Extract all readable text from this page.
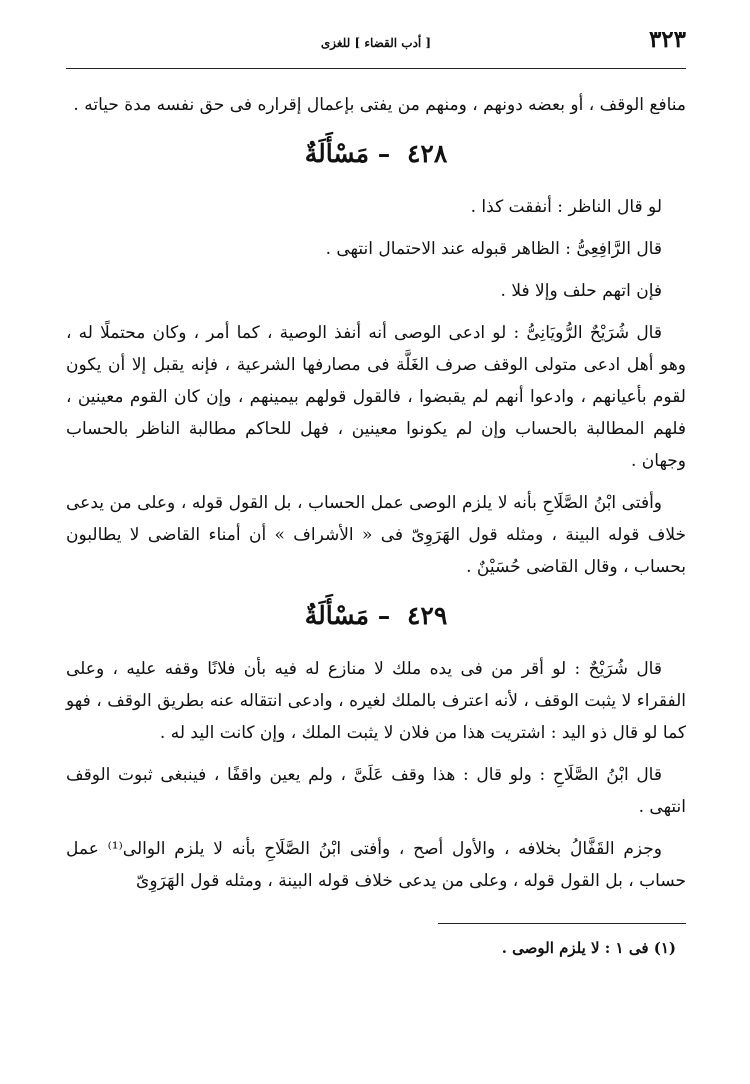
٣٢٣
[ أدب القضاء ] للغزى

منافع الوقف ، أو بعضه دونهم ، ومنهم من يفتى بإعمال إقراره فى حق نفسه مدة حياته .

٤٢٨ – مَسْأَلَةٌ

لو قال الناظر : أنفقت كذا .

قال الرَّافِعِىُّ : الظاهر قبوله عند الاحتمال انتهى .

فإن اتهم حلف وإلا فلا .

قال شُرَيْحٌ الرُّويَانِىُّ : لو ادعى الوصى أنه أنفذ الوصية ، كما أمر ، وكان محتملًا له ، وهو أهل ادعى متولى الوقف صرف الغَلَّة فى مصارفها الشرعية ، فإنه يقبل إلا أن يكون لقوم بأعيانهم ، وادعوا أنهم لم يقبضوا ، فالقول قولهم بيمينهم ، وإن كان القوم معينين ، فلهم المطالبة بالحساب وإن لم يكونوا معينين ، فهل للحاكم مطالبة الناظر بالحساب وجهان .

وأفتى ابْنُ الصَّلَاحِ بأنه لا يلزم الوصى عمل الحساب ، بل القول قوله ، وعلى من يدعى خلاف قوله البينة ، ومثله قول الهَرَوِىّ فى « الأشراف » أن أمناء القاضى لا يطالبون بحساب ، وقال القاضى حُسَيْنٌ .

٤٢٩ – مَسْأَلَةٌ

قال شُرَيْحٌ : لو أقر من فى يده ملك لا منازع له فيه بأن فلانًا وقفه عليه ، وعلى الفقراء لا يثبت الوقف ، لأنه اعترف بالملك لغيره ، وادعى انتقاله عنه بطريق الوقف ، فهو كما لو قال ذو اليد : اشتريت هذا من فلان لا يثبت الملك ، وإن كانت اليد له .

قال ابْنُ الصَّلَاحِ : ولو قال : هذا وقف عَلَىَّ ، ولم يعين واقفًا ، فينبغى ثبوت الوقف انتهى .

وجزم القَفَّالُ بخلافه ، والأول أصح ، وأفتى ابْنُ الصَّلَاحِ بأنه لا يلزم الوالى⁽¹⁾ عمل حساب ، بل القول قوله ، وعلى من يدعى خلاف قوله البينة ، ومثله قول الهَرَوِىّ

(١) فى ١ : لا يلزم الوصى .
